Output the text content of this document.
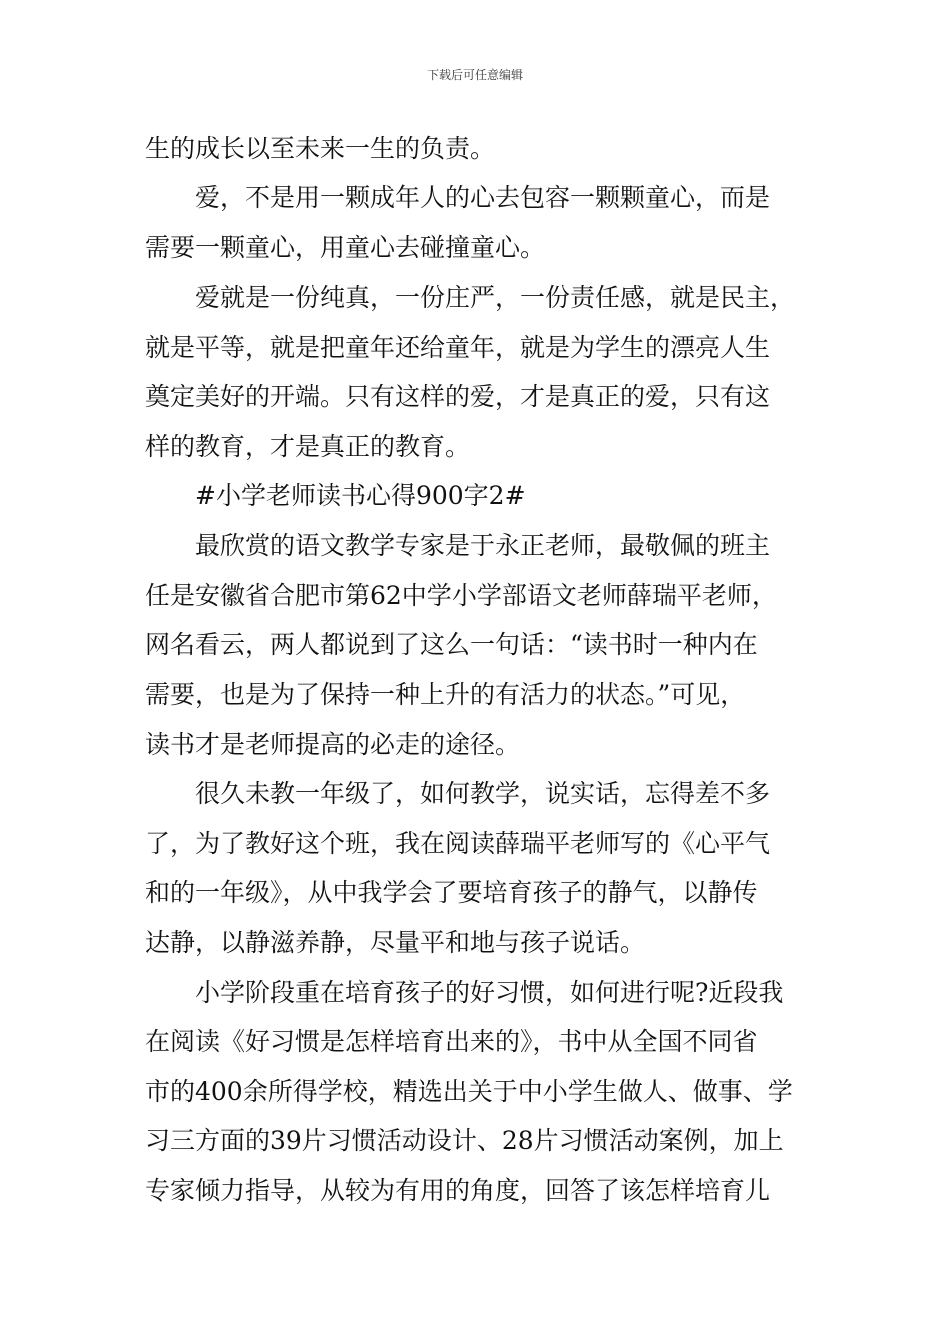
下载后可任意编辑
生的成长以至未来一生的负责。
爱，不是用一颗成年人的心去包容一颗颗童心，而是
需要一颗童心，用童心去碰撞童心。
爱就是一份纯真，一份庄严，一份责任感，就是民主，
就是平等，就是把童年还给童年，就是为学生的漂亮人生
奠定美好的开端。只有这样的爱，才是真正的爱，只有这
样的教育，才是真正的教育。
#小学老师读书心得900字2#
最欣赏的语文教学专家是于永正老师，最敬佩的班主
任是安徽省合肥市第62中学小学部语文老师薛瑞平老师，
网名看云，两人都说到了这么一句话：“读书时一种内在
需要，也是为了保持一种上升的有活力的状态。”可见，
读书才是老师提高的必走的途径。
很久未教一年级了，如何教学，说实话，忘得差不多
了，为了教好这个班，我在阅读薛瑞平老师写的《心平气
和的一年级》，从中我学会了要培育孩子的静气，以静传
达静，以静滋养静，尽量平和地与孩子说话。
小学阶段重在培育孩子的好习惯，如何进行呢?近段我
在阅读《好习惯是怎样培育出来的》，书中从全国不同省
市的400余所得学校，精选出关于中小学生做人、做事、学
习三方面的39片习惯活动设计、28片习惯活动案例，加上
专家倾力指导，从较为有用的角度，回答了该怎样培育儿
